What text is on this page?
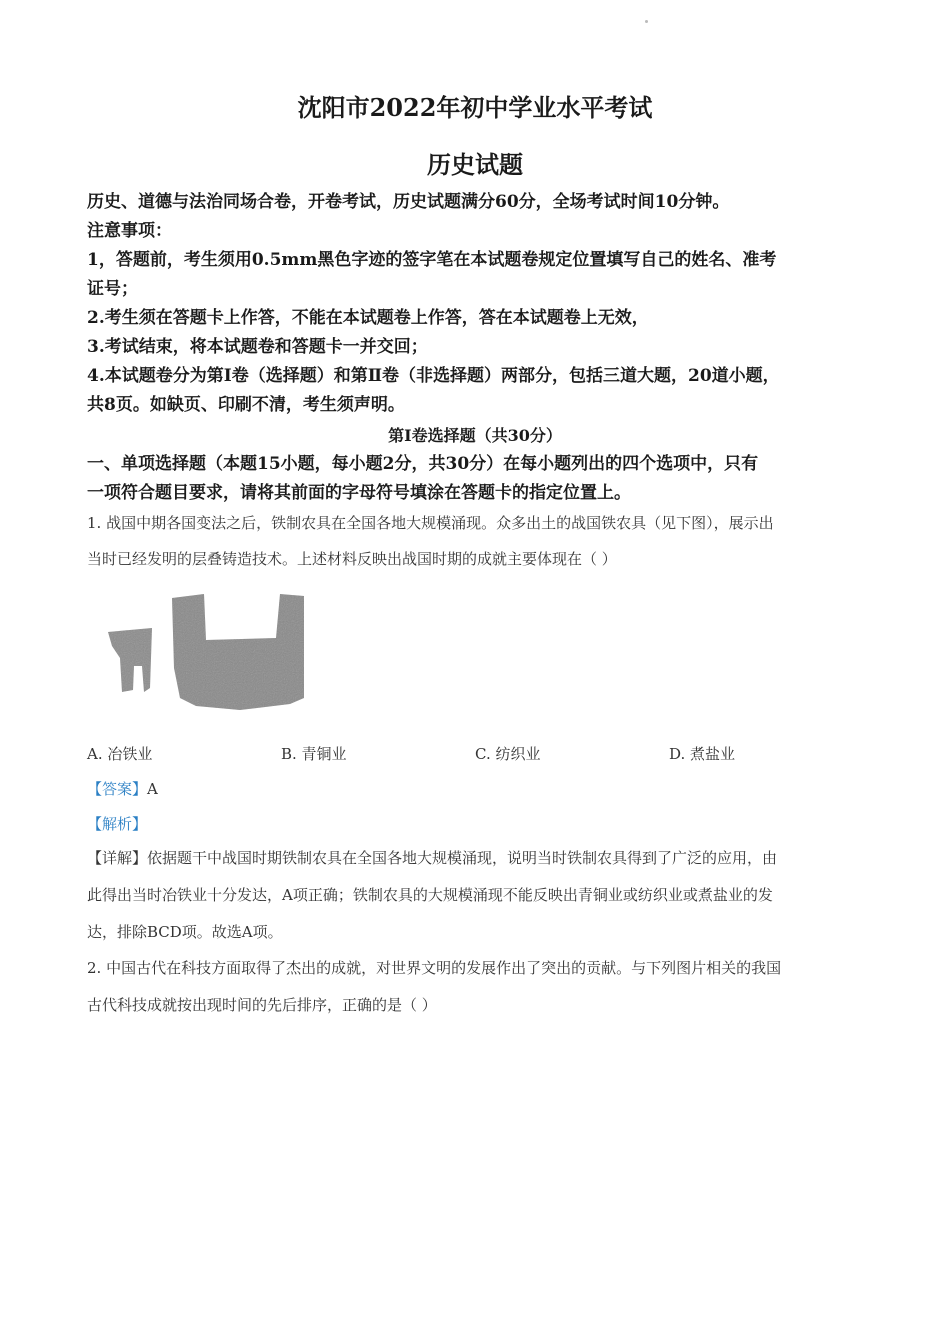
沈阳市2022年初中学业水平考试
历史试题
历史、道德与法治同场合卷，开卷考试，历史试题满分60分，全场考试时间10分钟。
注意事项：
1，答题前，考生须用0.5mm黑色字迹的签字笔在本试题卷规定位置填写自己的姓名、准考
证号；
2.考生须在答题卡上作答，不能在本试题卷上作答，答在本试题卷上无效，
3.考试结束，将本试题卷和答题卡一并交回；
4.本试题卷分为第I卷（选择题）和第Ⅱ卷（非选择题）两部分，包括三道大题，20道小题，
共8页。如缺页、印刷不清，考生须声明。
第I卷选择题（共30分）
一、单项选择题（本题15小题，每小题2分，共30分）在每小题列出的四个选项中，只有
一项符合题目要求，请将其前面的字母符号填涂在答题卡的指定位置上。
1. 战国中期各国变法之后，铁制农具在全国各地大规模涌现。众多出土的战国铁农具（见下图），展示出
当时已经发明的层叠铸造技术。上述材料反映出战国时期的成就主要体现在（ ）
A. 冶铁业	B. 青铜业	C. 纺织业	D. 煮盐业
【答案】A
【解析】
【详解】依据题干中战国时期铁制农具在全国各地大规模涌现，说明当时铁制农具得到了广泛的应用，由
此得出当时冶铁业十分发达，A项正确；铁制农具的大规模涌现不能反映出青铜业或纺织业或煮盐业的发
达，排除BCD项。故选A项。
2. 中国古代在科技方面取得了杰出的成就，对世界文明的发展作出了突出的贡献。与下列图片相关的我国
古代科技成就按出现时间的先后排序，正确的是（ ）
